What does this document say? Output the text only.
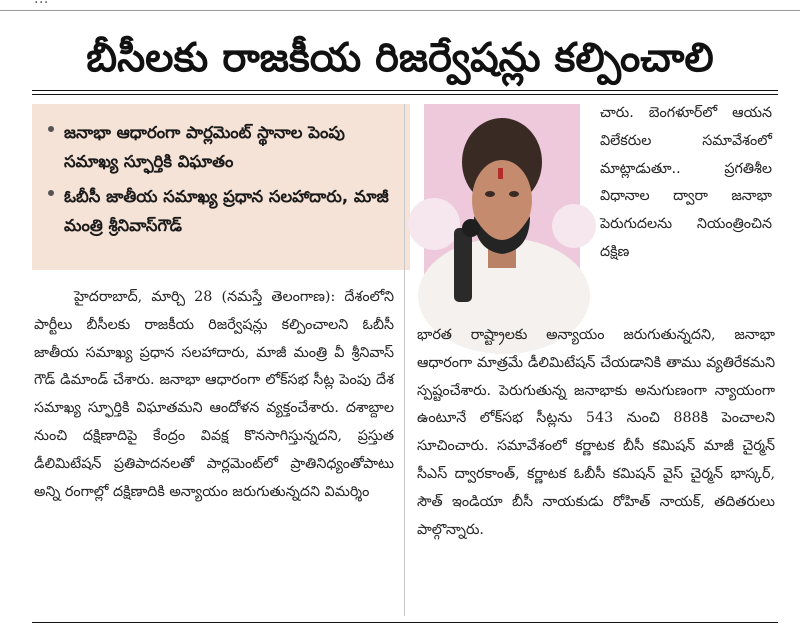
బీసీలకు రాజకీయ రిజర్వేషన్లు కల్పించాలి
జనాభా ఆధారంగా పార్లమెంట్ స్థానాల పెంపు సమాఖ్య స్ఫూర్తికి విఘాతం
ఓబీసీ జాతీయ సమాఖ్య ప్రధాన సలహాదారు, మాజీ మంత్రి శ్రీనివాస్‌గౌడ్
హైదరాబాద్, మార్చి 28 (నమస్తే తెలంగాణ): దేశంలోని పార్టీలు బీసీలకు రాజకీయ రిజర్వేషన్లు కల్పించాలని ఓబీసీ జాతీయ సమాఖ్య ప్రధాన సలహాదారు, మాజీ మంత్రి వీ శ్రీనివాస్ గౌడ్ డిమాండ్ చేశారు. జనాభా ఆధారంగా లోక్‌సభ సీట్ల పెంపు దేశ సమాఖ్య స్ఫూర్తికి విఘాతమని ఆందోళన వ్యక్తంచేశారు. దశాబ్దాల నుంచి దక్షిణాదిపై కేంద్రం వివక్ష కొనసాగిస్తున్నదని, ప్రస్తుత డీలిమిటేషన్ ప్రతిపాదనలతో పార్లమెంట్‌లో ప్రాతినిధ్యంతోపాటు అన్ని రంగాల్లో దక్షిణాదికి అన్యాయం జరుగుతున్నదని విమర్శిం
చారు. బెంగళూర్‌లో ఆయన విలేకరుల సమావేశంలో మాట్లాడుతూ.. ప్రగతిశీల విధానాల ద్వారా జనాభా పెరుగుదలను నియంత్రించిన దక్షిణ
భారత రాష్ట్రాలకు అన్యాయం జరుగుతున్నదని, జనాభా ఆధారంగా మాత్రమే డీలిమిటేషన్ చేయడానికి తాము వ్యతిరేకమని స్పష్టంచేశారు. పెరుగుతున్న జనాభాకు అనుగుణంగా న్యాయంగా ఉంటూనే లోక్‌సభ సీట్లను 543 నుంచి 888కి పెంచాలని సూచించారు. సమావేశంలో కర్ణాటక బీసీ కమిషన్ మాజీ చైర్మన్ సీఎస్ ద్వారకాంత్, కర్ణాటక ఓబీసీ కమిషన్ వైస్ చైర్మన్ భాస్కర్, సౌత్ ఇండియా బీసీ నాయకుడు రోహిత్ నాయక్, తదితరులు పాల్గొన్నారు.
